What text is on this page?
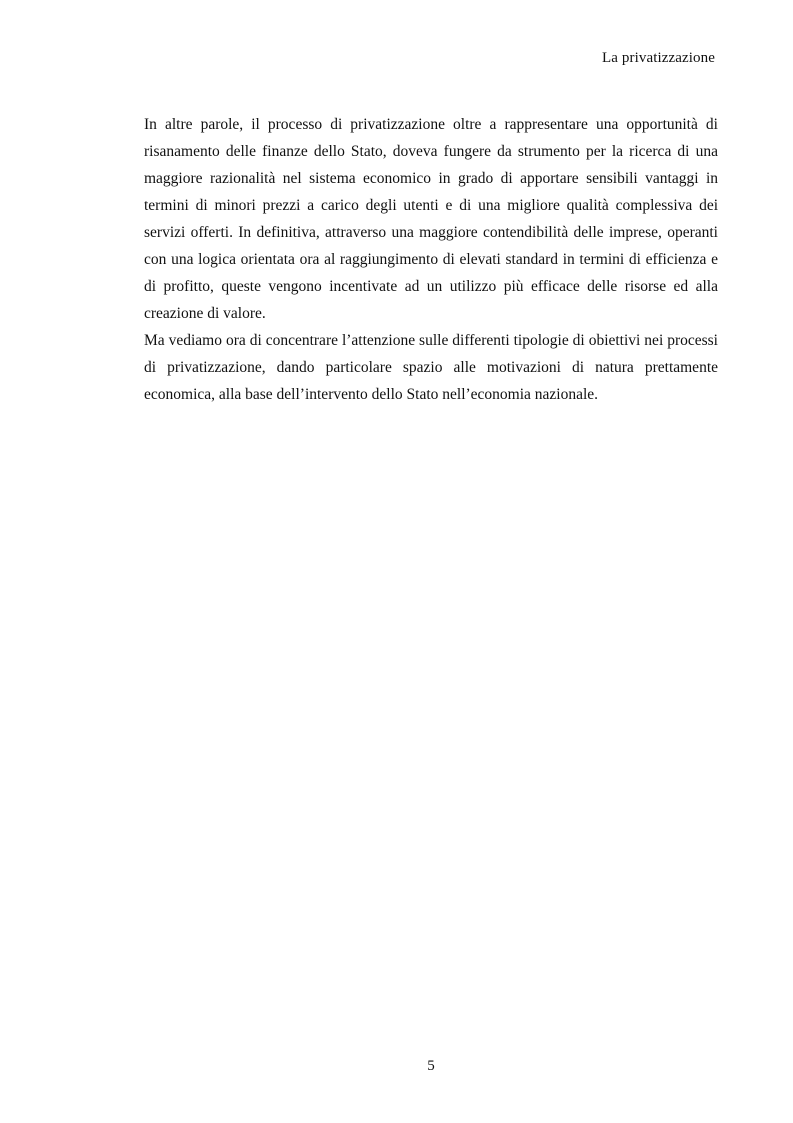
La privatizzazione

In altre parole, il processo di privatizzazione oltre a rappresentare una opportunità di risanamento delle finanze dello Stato, doveva fungere da strumento per la ricerca di una maggiore razionalità nel sistema economico in grado di apportare sensibili vantaggi in termini di minori prezzi a carico degli utenti e di una migliore qualità complessiva dei servizi offerti. In definitiva, attraverso una maggiore contendibilità delle imprese, operanti con una logica orientata ora al raggiungimento di elevati standard in termini di efficienza e di profitto, queste vengono incentivate ad un utilizzo più efficace delle risorse ed alla creazione di valore.

Ma vediamo ora di concentrare l’attenzione sulle differenti tipologie di obiettivi nei processi di privatizzazione, dando particolare spazio alle motivazioni di natura prettamente economica, alla base dell’intervento dello Stato nell’economia nazionale.

5
